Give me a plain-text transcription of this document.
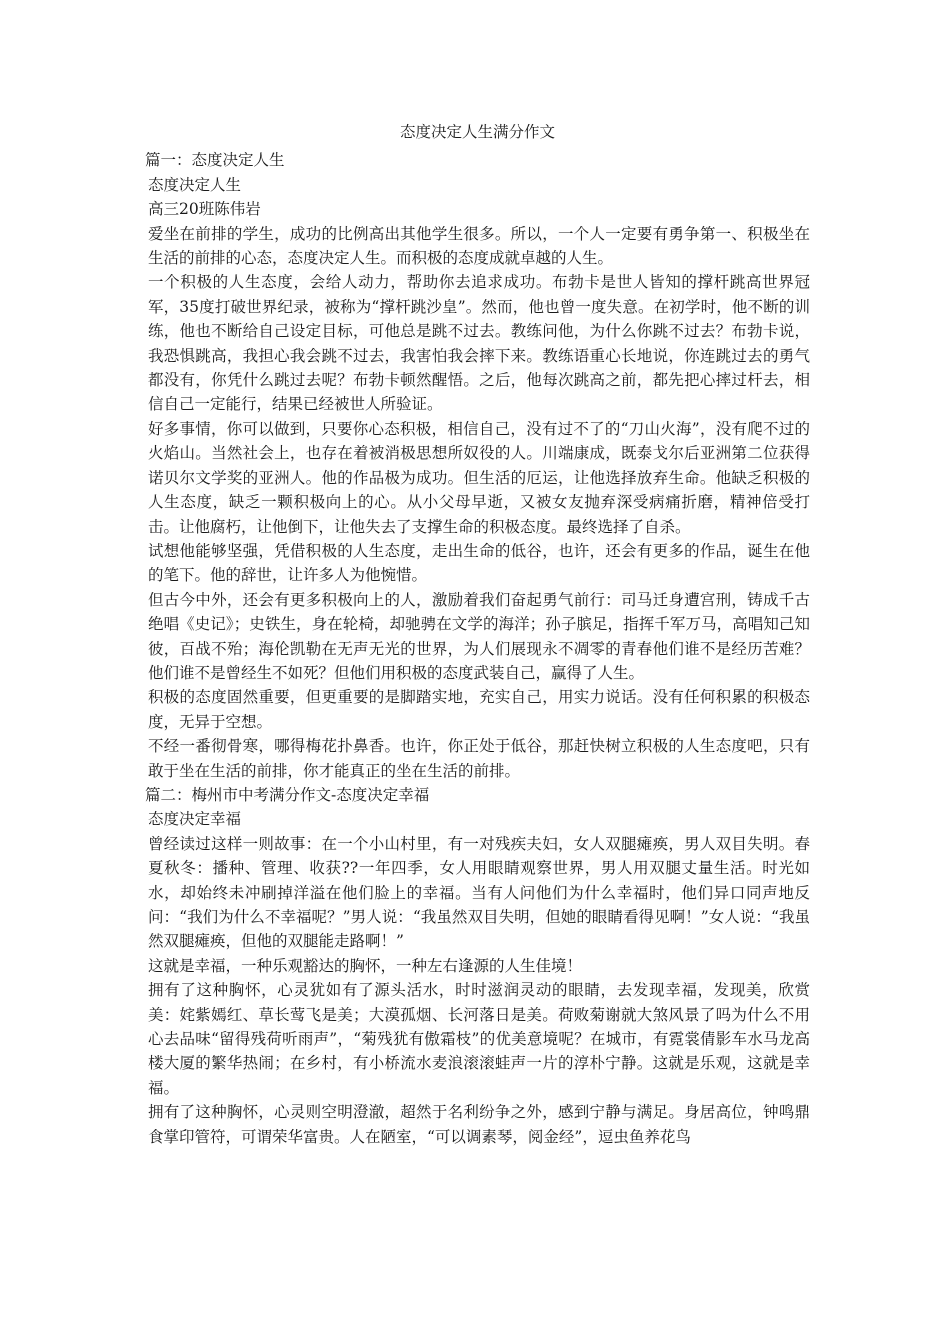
态度决定人生满分作文
篇一：态度决定人生
态度决定人生
高三20班陈伟岩

爱坐在前排的学生，成功的比例高出其他学生很多。所以，一个人一定要有勇争第一、积极坐在生活的前排的心态，态度决定人生。而积极的态度成就卓越的人生。

一个积极的人生态度，会给人动力，帮助你去追求成功。布勃卡是世人皆知的撑杆跳高世界冠军，35度打破世界纪录，被称为“撑杆跳沙皇”。然而，他也曾一度失意。在初学时，他不断的训练，他也不断给自己设定目标，可他总是跳不过去。教练问他，为什么你跳不过去？布勃卡说，我恐惧跳高，我担心我会跳不过去，我害怕我会摔下来。教练语重心长地说，你连跳过去的勇气都没有，你凭什么跳过去呢？布勃卡顿然醒悟。之后，他每次跳高之前，都先把心摔过杆去，相信自己一定能行，结果已经被世人所验证。

好多事情，你可以做到，只要你心态积极，相信自己，没有过不了的“刀山火海”，没有爬不过的火焰山。当然社会上，也存在着被消极思想所奴役的人。川端康成，既泰戈尔后亚洲第二位获得诺贝尔文学奖的亚洲人。他的作品极为成功。但生活的厄运，让他选择放弃生命。他缺乏积极的人生态度，缺乏一颗积极向上的心。从小父母早逝，又被女友抛弃深受病痛折磨，精神倍受打击。让他腐朽，让他倒下，让他失去了支撑生命的积极态度。最终选择了自杀。

试想他能够坚强，凭借积极的人生态度，走出生命的低谷，也许，还会有更多的作品，诞生在他的笔下。他的辞世，让许多人为他惋惜。

但古今中外，还会有更多积极向上的人，激励着我们奋起勇气前行：司马迁身遭宫刑，铸成千古绝唱《史记》；史铁生，身在轮椅，却驰骋在文学的海洋；孙子膑足，指挥千军万马，高唱知己知彼，百战不殆；海伦凯勒在无声无光的世界，为人们展现永不凋零的青春他们谁不是经历苦难？他们谁不是曾经生不如死？但他们用积极的态度武装自己，赢得了人生。

积极的态度固然重要，但更重要的是脚踏实地，充实自己，用实力说话。没有任何积累的积极态度，无异于空想。

不经一番彻骨寒，哪得梅花扑鼻香。也许，你正处于低谷，那赶快树立积极的人生态度吧，只有敢于坐在生活的前排，你才能真正的坐在生活的前排。

篇二：梅州市中考满分作文-态度决定幸福
态度决定幸福

曾经读过这样一则故事：在一个小山村里，有一对残疾夫妇，女人双腿瘫痪，男人双目失明。春夏秋冬：播种、管理、收获??一年四季，女人用眼睛观察世界，男人用双腿丈量生活。时光如水，却始终未冲刷掉洋溢在他们脸上的幸福。当有人问他们为什么幸福时，他们异口同声地反问：“我们为什么不幸福呢？”男人说：“我虽然双目失明，但她的眼睛看得见啊！”女人说：“我虽然双腿瘫痪，但他的双腿能走路啊！”

这就是幸福，一种乐观豁达的胸怀，一种左右逢源的人生佳境！

拥有了这种胸怀，心灵犹如有了源头活水，时时滋润灵动的眼睛，去发现幸福，发现美，欣赏美：姹紫嫣红、草长莺飞是美；大漠孤烟、长河落日是美。荷败菊谢就大煞风景了吗为什么不用心去品味“留得残荷听雨声”，“菊残犹有傲霜枝”的优美意境呢？在城市，有霓裳倩影车水马龙高楼大厦的繁华热闹；在乡村，有小桥流水麦浪滚滚蛙声一片的淳朴宁静。这就是乐观，这就是幸福。

拥有了这种胸怀，心灵则空明澄澈，超然于名利纷争之外，感到宁静与满足。身居高位，钟鸣鼎食掌印管符，可谓荣华富贵。人在陋室，“可以调素琴，阅金经”，逗虫鱼养花鸟
